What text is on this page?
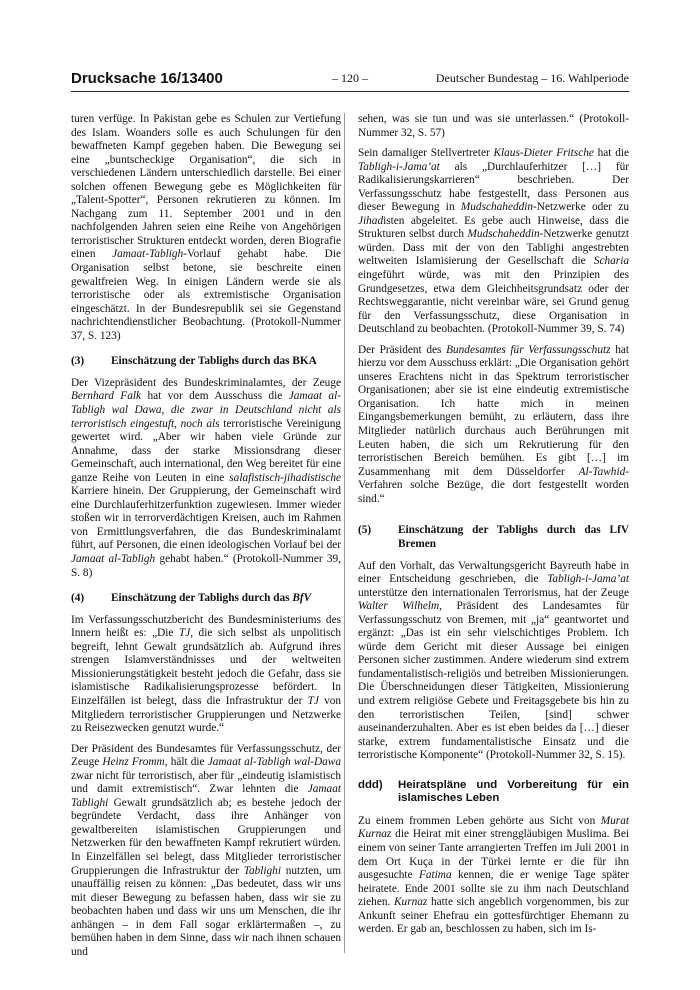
Drucksache 16/13400	– 120 –	Deutscher Bundestag – 16. Wahlperiode

turen verfüge. In Pakistan gebe es Schulen zur Vertiefung des Islam. Woanders solle es auch Schulungen für den bewaffneten Kampf gegeben haben. Die Bewegung sei eine „buntscheckige Organisation“, die sich in verschiedenen Ländern unterschiedlich darstelle. Bei einer solchen offenen Bewegung gebe es Möglichkeiten für „Talent-Spotter“, Personen rekrutieren zu können. Im Nachgang zum 11. September 2001 und in den nachfolgenden Jahren seien eine Reihe von Angehörigen terroristischer Strukturen entdeckt worden, deren Biografie einen Jamaat-Tabligh-Vorlauf gehabt habe. Die Organisation selbst betone, sie beschreite einen gewaltfreien Weg. In einigen Ländern werde sie als terroristische oder als extremistische Organisation eingeschätzt. In der Bundesrepublik sei sie Gegenstand nachrichtendienstlicher Beobachtung. (Protokoll-Nummer 37, S. 123)

(3)	Einschätzung der Tablighs durch das BKA

Der Vizepräsident des Bundeskriminalamtes, der Zeuge Bernhard Falk hat vor dem Ausschuss die Jamaat al-Tabligh wal Dawa, die zwar in Deutschland nicht als terroristisch eingestuft, noch als terroristische Vereinigung gewertet wird. „Aber wir haben viele Gründe zur Annahme, dass der starke Missionsdrang dieser Gemeinschaft, auch international, den Weg bereitet für eine ganze Reihe von Leuten in eine salafistisch-jihadistische Karriere hinein. Der Gruppierung, der Gemeinschaft wird eine Durchlauferhitzerfunktion zugewiesen. Immer wieder stoßen wir in terrorverdächtigen Kreisen, auch im Rahmen von Ermittlungsverfahren, die das Bundeskriminalamt führt, auf Personen, die einen ideologischen Vorlauf bei der Jamaat al-Tabligh gehabt haben.“ (Protokoll-Nummer 39, S. 8)

(4)	Einschätzung der Tablighs durch das BfV

Im Verfassungsschutzbericht des Bundesministeriums des Innern heißt es: „Die TJ, die sich selbst als unpolitisch begreift, lehnt Gewalt grundsätzlich ab. Aufgrund ihres strengen Islamverständnisses und der weltweiten Missionierungstätigkeit besteht jedoch die Gefahr, dass sie islamistische Radikalisierungsprozesse befördert. In Einzelfällen ist belegt, dass die Infrastruktur der TJ von Mitgliedern terroristischer Gruppierungen und Netzwerke zu Reisezwecken genutzt wurde.“

Der Präsident des Bundesamtes für Verfassungsschutz, der Zeuge Heinz Fromm, hält die Jamaat al-Tabligh wal-Dawa zwar nicht für terroristisch, aber für „eindeutig islamistisch und damit extremistisch“. Zwar lehnten die Jamaat Tablighi Gewalt grundsätzlich ab; es bestehe jedoch der begründete Verdacht, dass ihre Anhänger von gewaltbereiten islamistischen Gruppierungen und Netzwerken für den bewaffneten Kampf rekrutiert würden. In Einzelfällen sei belegt, dass Mitglieder terroristischer Gruppierungen die Infrastruktur der Tablighi nutzten, um unauffällig reisen zu können: „Das bedeutet, dass wir uns mit dieser Bewegung zu befassen haben, dass wir sie zu beobachten haben und dass wir uns um Menschen, die ihr anhängen – in dem Fall sogar erklärtermaßen –, zu bemühen haben in dem Sinne, dass wir nach ihnen schauen und

sehen, was sie tun und was sie unterlassen.“ (Protokoll-Nummer 32, S. 57)

Sein damaliger Stellvertreter Klaus-Dieter Fritsche hat die Tabligh-i-Jama’at als „Durchlauferhitzer […] für Radikalisierungskarrieren“ beschrieben. Der Verfassungsschutz habe festgestellt, dass Personen aus dieser Bewegung in Mudschaheddin-Netzwerke oder zu Jihadisten abgeleitet. Es gebe auch Hinweise, dass die Strukturen selbst durch Mudschaheddin-Netzwerke genutzt würden. Dass mit der von den Tablighi angestrebten weltweiten Islamisierung der Gesellschaft die Scharia eingeführt würde, was mit den Prinzipien des Grundgesetzes, etwa dem Gleichheitsgrundsatz oder der Rechtsweggarantie, nicht vereinbar wäre, sei Grund genug für den Verfassungsschutz, diese Organisation in Deutschland zu beobachten. (Protokoll-Nummer 39, S. 74)

Der Präsident des Bundesamtes für Verfassungsschutz hat hierzu vor dem Ausschuss erklärt: „Die Organisation gehört unseres Erachtens nicht in das Spektrum terroristischer Organisationen; aber sie ist eine eindeutig extremistische Organisation. Ich hatte mich in meinen Eingangsbemerkungen bemüht, zu erläutern, dass ihre Mitglieder natürlich durchaus auch Berührungen mit Leuten haben, die sich um Rekrutierung für den terroristischen Bereich bemühen. Es gibt […] im Zusammenhang mit dem Düsseldorfer Al-Tawhid-Verfahren solche Bezüge, die dort festgestellt worden sind.“

(5)	Einschätzung der Tablighs durch das LfV Bremen

Auf den Vorhalt, das Verwaltungsgericht Bayreuth habe in einer Entscheidung geschrieben, die Tabligh-i-Jama’at unterstütze den internationalen Terrorismus, hat der Zeuge Walter Wilhelm, Präsident des Landesamtes für Verfassungsschutz von Bremen, mit „ja“ geantwortet und ergänzt: „Das ist ein sehr vielschichtiges Problem. Ich würde dem Gericht mit dieser Aussage bei einigen Personen sicher zustimmen. Andere wiederum sind extrem fundamentalistisch-religiös und betreiben Missionierungen. Die Überschneidungen dieser Tätigkeiten, Missionierung und extrem religiöse Gebete und Freitagsgebete bis hin zu den terroristischen Teilen, [sind] schwer auseinanderzuhalten. Aber es ist eben beides da […] dieser starke, extrem fundamentalistische Einsatz und die terroristische Komponente“ (Protokoll-Nummer 32, S. 15).

ddd)	Heiratspläne und Vorbereitung für ein islamisches Leben

Zu einem frommen Leben gehörte aus Sicht von Murat Kurnaz die Heirat mit einer strenggläubigen Muslima. Bei einem von seiner Tante arrangierten Treffen im Juli 2001 in dem Ort Kuça in der Türkei lernte er die für ihn ausgesuchte Fatima kennen, die er wenige Tage später heiratete. Ende 2001 sollte sie zu ihm nach Deutschland ziehen. Kurnaz hatte sich angeblich vorgenommen, bis zur Ankunft seiner Ehefrau ein gottesfürchtiger Ehemann zu werden. Er gab an, beschlossen zu haben, sich im Is-
